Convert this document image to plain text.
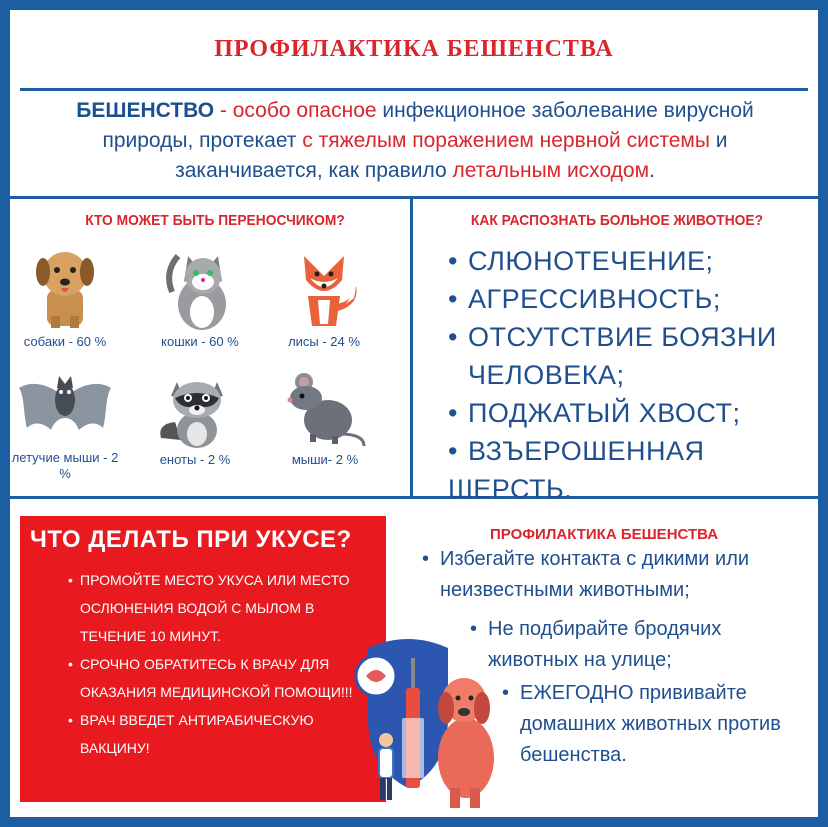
ПРОФИЛАКТИКА БЕШЕНСТВА
БЕШЕНСТВО - особо опасное инфекционное заболевание вирусной природы, протекает с тяжелым поражением нервной системы и заканчивается, как правило летальным исходом.
КТО МОЖЕТ БЫТЬ ПЕРЕНОСЧИКОМ?	КАК РАСПОЗНАТЬ БОЛЬНОЕ ЖИВОТНОЕ?
собаки - 60 %	кошки - 60 %	лисы - 24 %
летучие мыши - 2 %
еноты - 2 %	мыши- 2 %
• СЛЮНОТЕЧЕНИЕ;
• АГРЕССИВНОСТЬ;
• ОТСУТСТВИЕ БОЯЗНИ
ЧЕЛОВЕКА;
• ПОДЖАТЫЙ ХВОСТ;
• ВЗЪЕРОШЕННАЯ ШЕРСТЬ.
ЧТО ДЕЛАТЬ ПРИ УКУСЕ?
• ПРОМОЙТЕ МЕСТО УКУСА ИЛИ МЕСТО ОСЛЮНЕНИЯ ВОДОЙ С МЫЛОМ В ТЕЧЕНИЕ 10 МИНУТ.
• СРОЧНО ОБРАТИТЕСЬ К ВРАЧУ ДЛЯ ОКАЗАНИЯ МЕДИЦИНСКОЙ ПОМОЩИ!!!
• ВРАЧ ВВЕДЕТ АНТИРАБИЧЕСКУЮ ВАКЦИНУ!
ПРОФИЛАКТИКА БЕШЕНСТВА
• Избегайте контакта с дикими или неизвестными животными;
• Не подбирайте бродячих животных на улице;
• ЕЖЕГОДНО прививайте домашних животных против бешенства.
